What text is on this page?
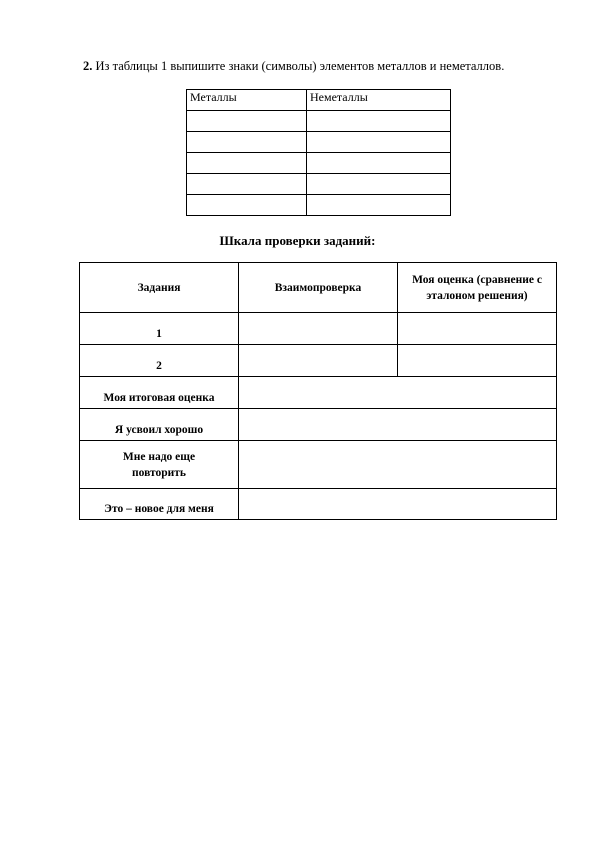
2. Из таблицы 1 выпишите знаки (символы) элементов металлов и неметаллов.
Металлы	Неметаллы

Шкала проверки заданий:
Задания	Взаимопроверка	Моя оценка (сравнение с эталоном решения)
1		
2		
Моя итоговая оценка		
Я усвоил хорошо		
Мне надо еще повторить		
Это – новое для меня		
